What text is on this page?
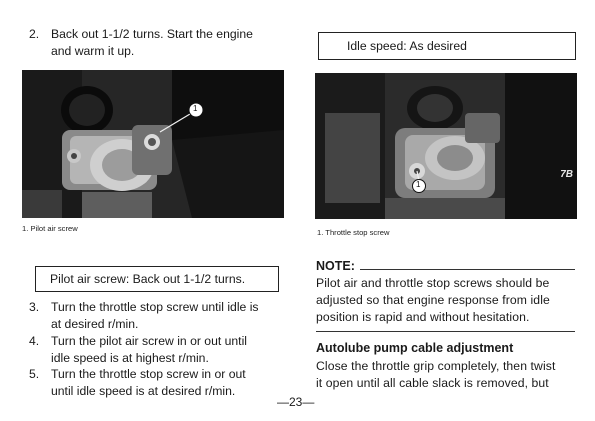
2. Back out 1-1/2 turns. Start the engine
and warm it up.
1
1. Pilot air screw
Pilot air screw: Back out 1-1/2 turns.
3. Turn the throttle stop screw until idle is
at desired r/min.
4. Turn the pilot air screw in or out until
idle speed is at highest r/min.
5. Turn the throttle stop screw in or out
until idle speed is at desired r/min.
Idle speed: As desired
1
7B
1. Throttle stop screw
NOTE:
Pilot air and throttle stop screws should be
adjusted so that engine response from idle
position is rapid and without hesitation.
Autolube pump cable adjustment
Close the throttle grip completely, then twist
it open until all cable slack is removed, but
—23—
